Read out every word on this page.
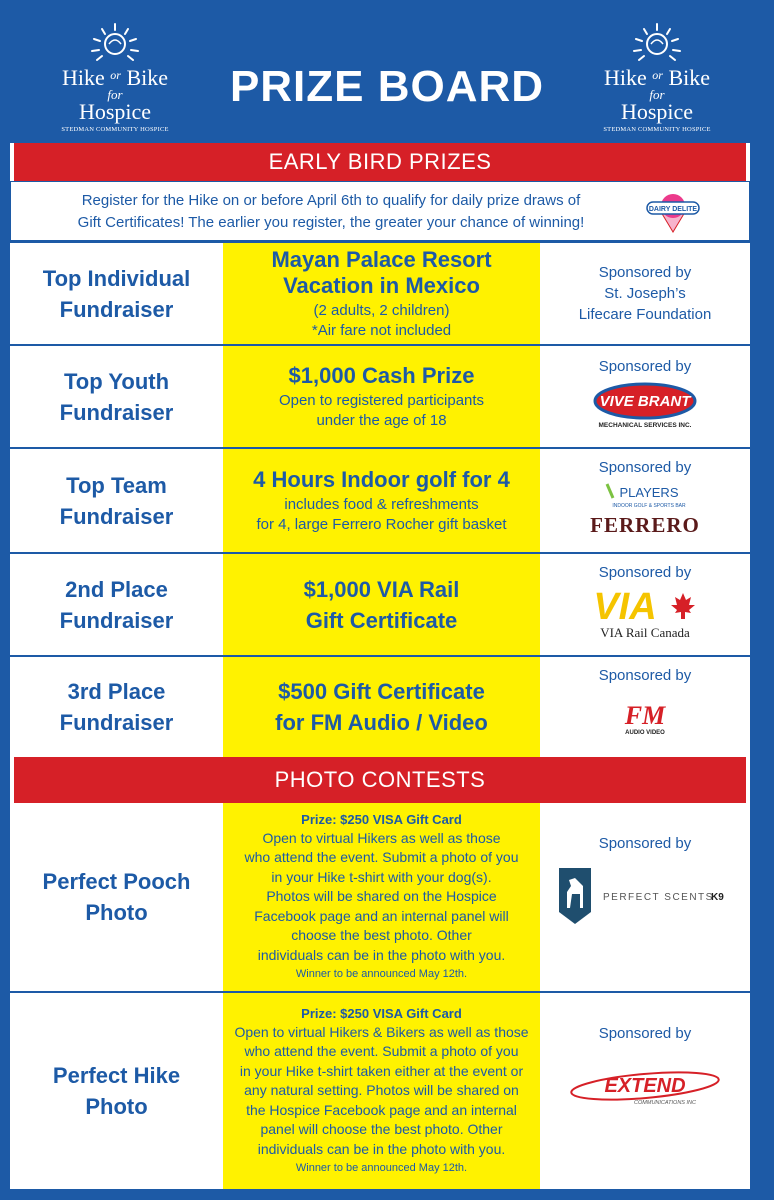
Hike $^{or}$ Bike
for
Hospice
STEDMAN COMMUNITY HOSPICE
PRIZE BOARD	Hike $^{or}$ Bike
for
Hospice
STEDMAN COMMUNITY HOSPICE
EARLY BIRD PRIZES
Register for the Hike on or before April 6th to qualify for daily prize draws of
Gift Certificates! The earlier you register, the greater your chance of winning!
DAIRY DELITE
Top Individual
Fundraiser
Mayan Palace Resort
Vacation in Mexico
(2 adults, 2 children)
*Air fare not included
Sponsored by
St. Joseph’s
Lifecare Foundation
Top Youth
Fundraiser
$1,000 Cash Prize
Open to registered participants
under the age of 18
Sponsored by
VIVE BRANT
MECHANICAL SERVICES INC.
Top Team
Fundraiser
4 Hours Indoor golf for 4
includes food & refreshments
for 4, large Ferrero Rocher gift basket
Sponsored by
PLAYERS
INDOOR GOLF & SPORTS BAR
FERRERO
2nd Place
Fundraiser
$1,000 VIA Rail
Gift Certificate
Sponsored by
VIA
VIA Rail Canada
3rd Place
Fundraiser
$500 Gift Certificate
for FM Audio / Video
Sponsored by
FM
AUDIO VIDEO
PHOTO CONTESTS
Perfect Pooch
Photo
Prize: $250 VISA Gift Card
Open to virtual Hikers as well as those
who attend the event. Submit a photo of you
in your Hike t-shirt with your dog(s).
Photos will be shared on the Hospice
Facebook page and an internal panel will
choose the best photo. Other
individuals can be in the photo with you.
Winner to be announced May 12th.
Sponsored by
PERFECT SCENTS
K9
Perfect Hike
Photo
Prize: $250 VISA Gift Card
Open to virtual Hikers & Bikers as well as those
who attend the event. Submit a photo of you
in your Hike t-shirt taken either at the event or
any natural setting. Photos will be shared on
the Hospice Facebook page and an internal
panel will choose the best photo. Other
individuals can be in the photo with you.
Winner to be announced May 12th.
Sponsored by
EXTEND
COMMUNICATIONS INC
